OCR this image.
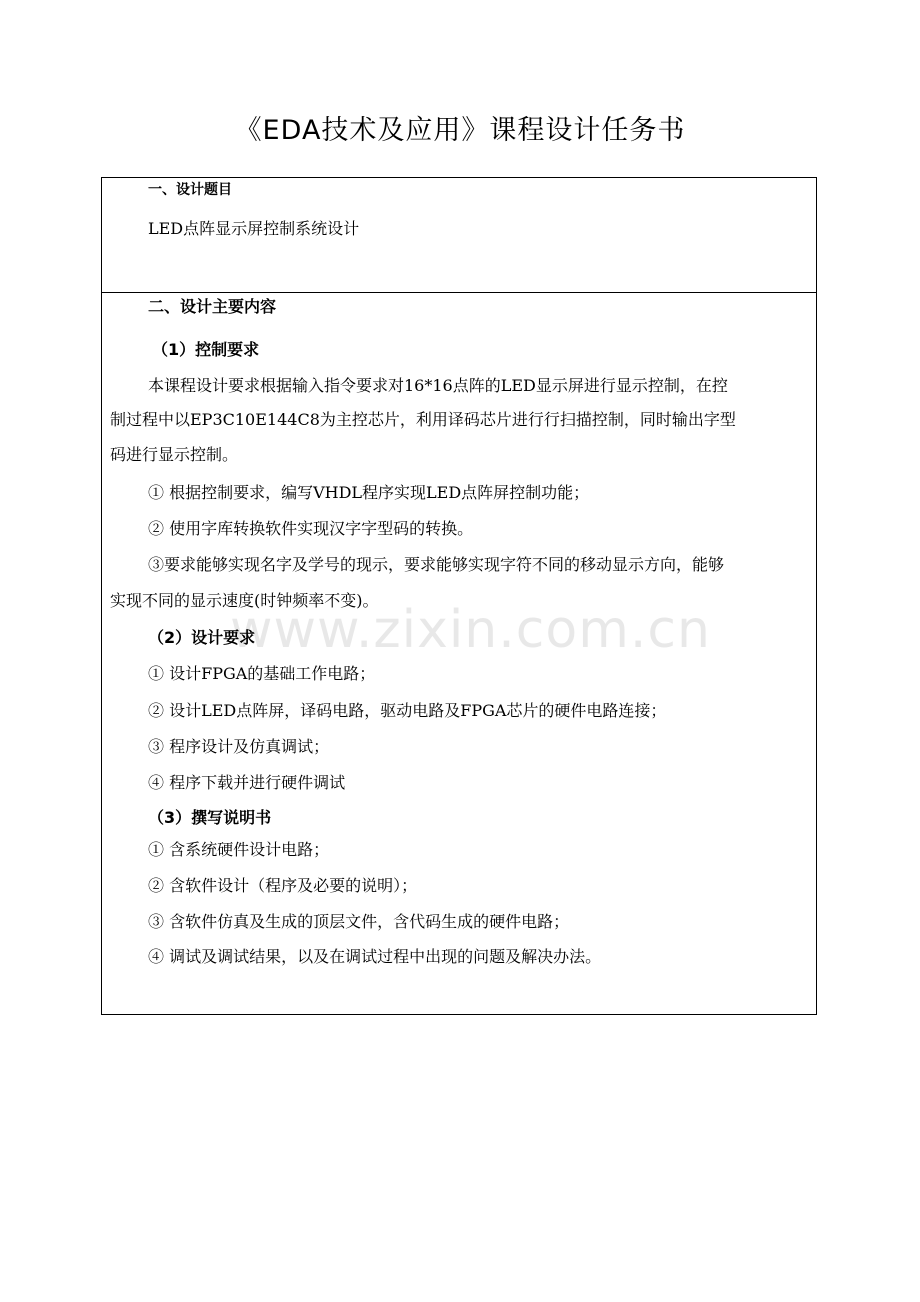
《EDA技术及应用》课程设计任务书
www.zixin.com.cn
一、设计题目
LED点阵显示屏控制系统设计
二、设计主要内容
（1）控制要求
本课程设计要求根据输入指令要求对16*16点阵的LED显示屏进行显示控制，在控
制过程中以EP3C10E144C8为主控芯片，利用译码芯片进行行扫描控制，同时输出字型
码进行显示控制。
① 根据控制要求，编写VHDL程序实现LED点阵屏控制功能；
② 使用字库转换软件实现汉字字型码的转换。
③要求能够实现名字及学号的现示，要求能够实现字符不同的移动显示方向，能够
实现不同的显示速度(时钟频率不变)。
（2）设计要求
① 设计FPGA的基础工作电路；
② 设计LED点阵屏，译码电路，驱动电路及FPGA芯片的硬件电路连接；
③ 程序设计及仿真调试；
④ 程序下载并进行硬件调试
（3）撰写说明书
① 含系统硬件设计电路；
② 含软件设计（程序及必要的说明）；
③ 含软件仿真及生成的顶层文件，含代码生成的硬件电路；
④ 调试及调试结果，以及在调试过程中出现的问题及解决办法。
